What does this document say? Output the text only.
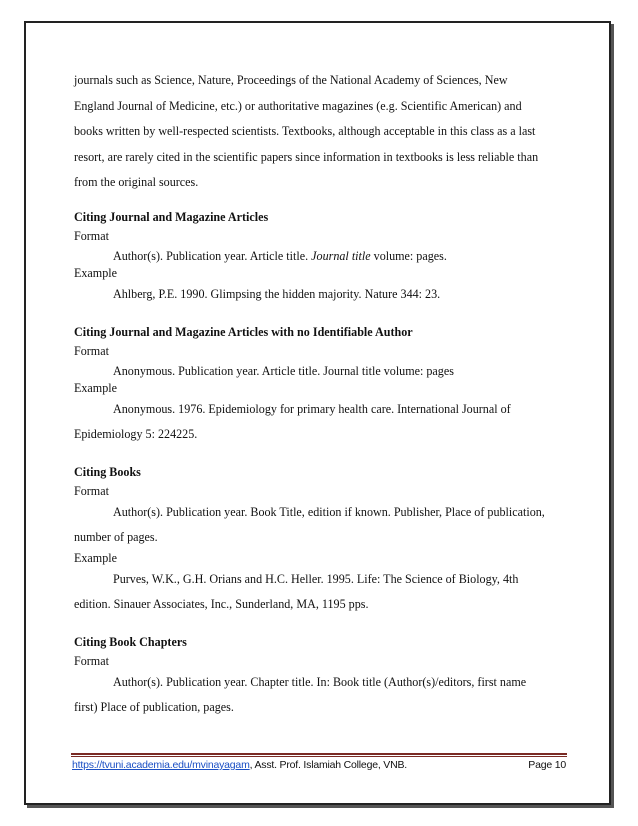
journals such as Science, Nature, Proceedings of the National Academy of Sciences, New

England Journal of Medicine, etc.) or authoritative magazines (e.g. Scientific American) and

books written by well-respected scientists. Textbooks, although acceptable in this class as a last

resort, are rarely cited in the scientific papers since information in textbooks is less reliable than

from the original sources.

Citing Journal and Magazine Articles

Format

Author(s). Publication year. Article title. Journal title volume: pages.

Example

Ahlberg, P.E. 1990. Glimpsing the hidden majority. Nature 344: 23.

Citing Journal and Magazine Articles with no Identifiable Author

Format

Anonymous. Publication year. Article title. Journal title volume: pages

Example

Anonymous. 1976. Epidemiology for primary health care. International Journal of

Epidemiology 5: 224225.

Citing Books

Format

Author(s). Publication year. Book Title, edition if known. Publisher, Place of publication,

number of pages.

Example

Purves, W.K., G.H. Orians and H.C. Heller. 1995. Life: The Science of Biology, 4th

edition. Sinauer Associates, Inc., Sunderland, MA, 1195 pps.

Citing Book Chapters

Format

Author(s). Publication year. Chapter title. In: Book title (Author(s)/editors, first name

first) Place of publication, pages.

https://tvuni.academia.edu/mvinayagam, Asst. Prof. Islamiah College, VNB.	Page 10
